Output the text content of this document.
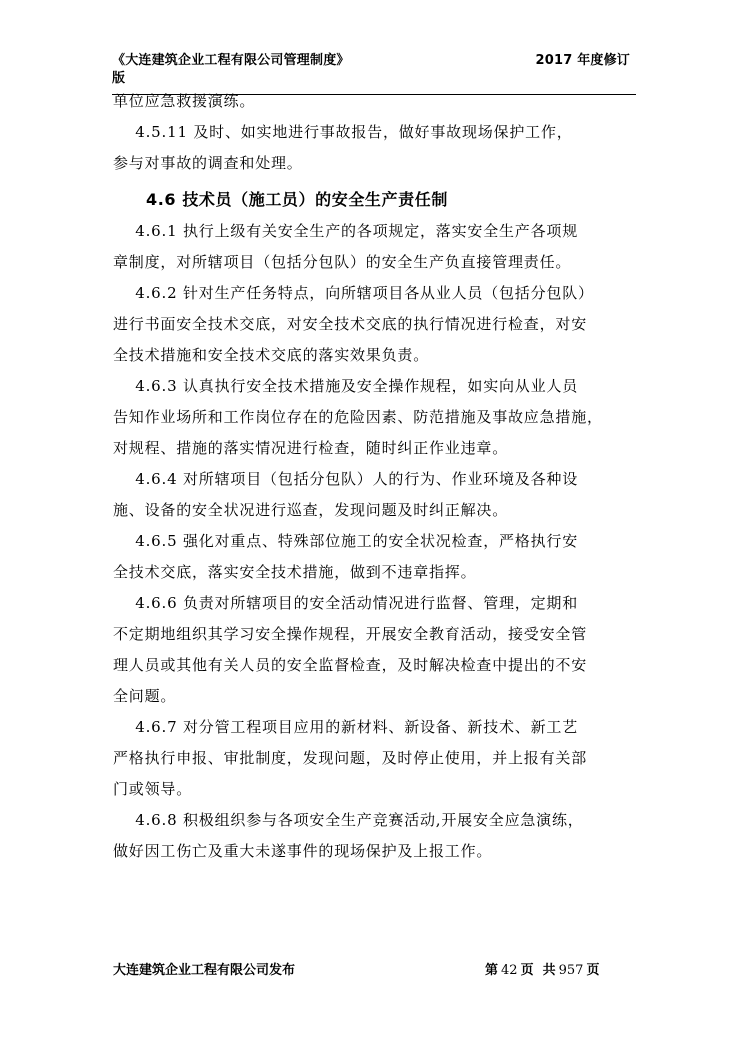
《大连建筑企业工程有限公司管理制度》	2017 年度修订
版
单位应急救援演练。
4.5.11 及时、如实地进行事故报告，做好事故现场保护工作，
参与对事故的调查和处理。
4.6 技术员（施工员）的安全生产责任制
4.6.1 执行上级有关安全生产的各项规定，落实安全生产各项规
章制度，对所辖项目（包括分包队）的安全生产负直接管理责任。
4.6.2 针对生产任务特点，向所辖项目各从业人员（包括分包队）
进行书面安全技术交底，对安全技术交底的执行情况进行检查，对安
全技术措施和安全技术交底的落实效果负责。
4.6.3 认真执行安全技术措施及安全操作规程，如实向从业人员
告知作业场所和工作岗位存在的危险因素、防范措施及事故应急措施，
对规程、措施的落实情况进行检查，随时纠正作业违章。
4.6.4 对所辖项目（包括分包队）人的行为、作业环境及各种设
施、设备的安全状况进行巡查，发现问题及时纠正解决。
4.6.5 强化对重点、特殊部位施工的安全状况检查，严格执行安
全技术交底，落实安全技术措施，做到不违章指挥。
4.6.6 负责对所辖项目的安全活动情况进行监督、管理，定期和
不定期地组织其学习安全操作规程，开展安全教育活动，接受安全管
理人员或其他有关人员的安全监督检查，及时解决检查中提出的不安
全问题。
4.6.7 对分管工程项目应用的新材料、新设备、新技术、新工艺
严格执行申报、审批制度，发现问题，及时停止使用，并上报有关部
门或领导。
4.6.8 积极组织参与各项安全生产竞赛活动,开展安全应急演练，
做好因工伤亡及重大未遂事件的现场保护及上报工作。
大连建筑企业工程有限公司发布	第 42 页  共 957 页
